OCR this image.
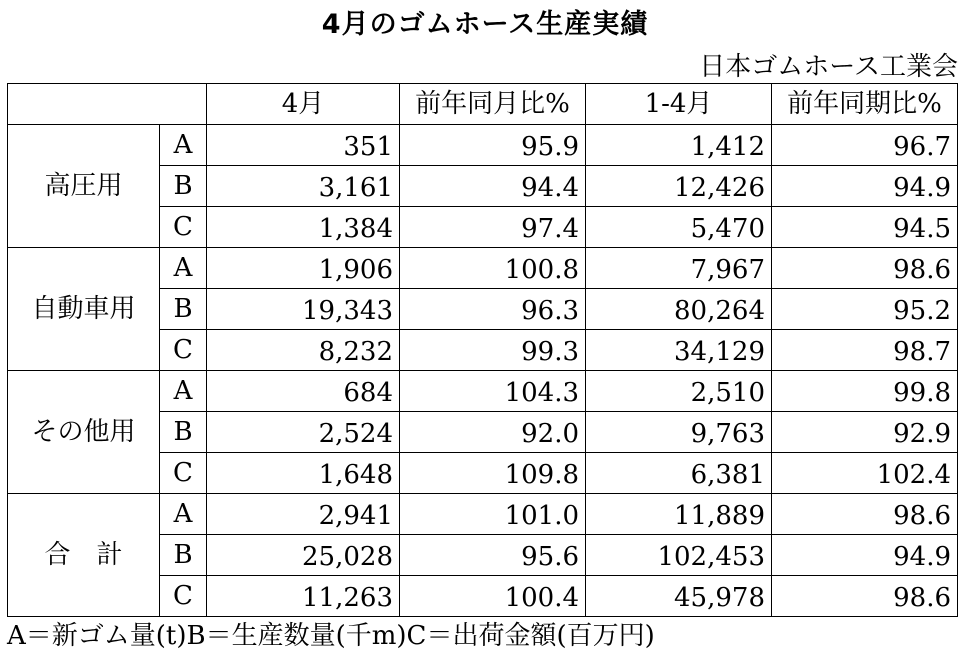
4月のゴムホース生産実績
日本ゴムホース工業会
		4月	前年同月比%	1-4月	前年同期比%
高圧用	A	351	95.9	1,412	96.7
	B	3,161	94.4	12,426	94.9
	C	1,384	97.4	5,470	94.5
自動車用	A	1,906	100.8	7,967	98.6
	B	19,343	96.3	80,264	95.2
	C	8,232	99.3	34,129	98.7
その他用	A	684	104.3	2,510	99.8
	B	2,524	92.0	9,763	92.9
	C	1,648	109.8	6,381	102.4
合　計	A	2,941	101.0	11,889	98.6
	B	25,028	95.6	102,453	94.9
	C	11,263	100.4	45,978	98.6
A＝新ゴム量(t)B＝生産数量(千m)C＝出荷金額(百万円)
